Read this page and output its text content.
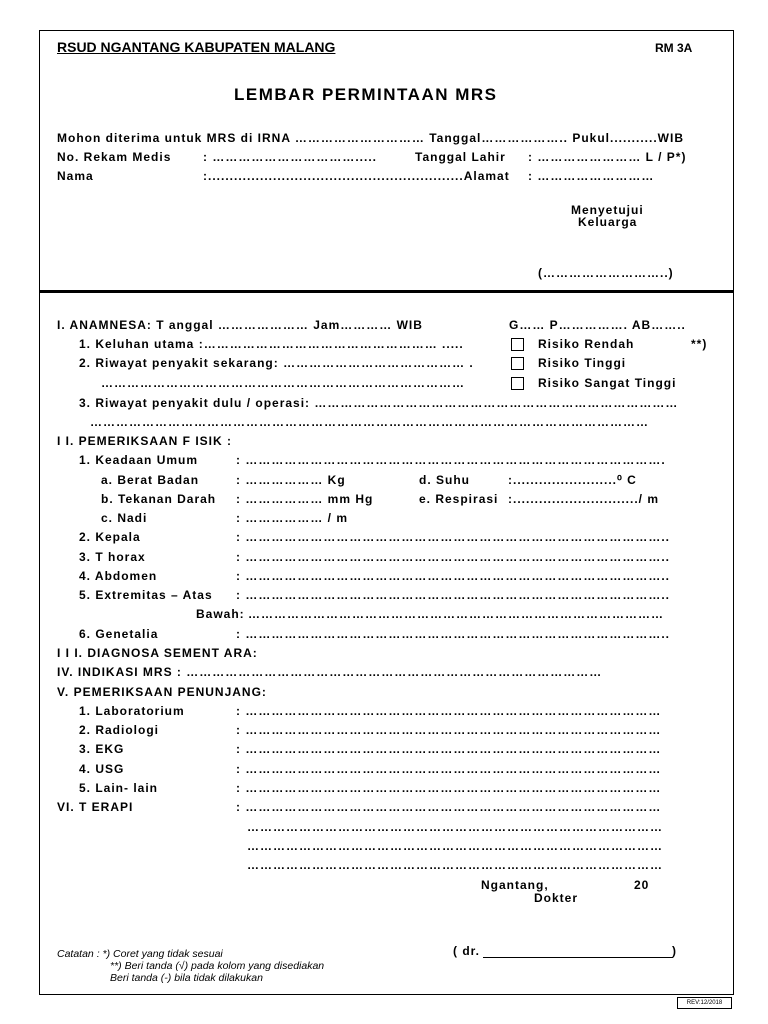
RSUD NGANTANG KABUPATEN MALANG	RM 3A
LEMBAR PERMINTAAN MRS
Mohon diterima untuk MRS di IRNA ………………………… Tanggal……………….. Pukul...........WIB
No. Rekam Medis	: …………………………….....	Tanggal Lahir : …………………… L / P*)
Nama	:...........................................................Alamat : ………………………
Menyetujui
Keluarga
(………………………..)
I. ANAMNESA: T anggal ………………… Jam………… WIB	G…… P……………. AB……..
1. Keluhan utama :……………………………………………… .....
2. Riwayat penyakit sekarang: …………………………………… .
…………………………………………………………………………
Risiko Rendah	**)
Risiko Tinggi
Risiko Sangat Tinggi
3. Riwayat penyakit dulu / operasi: …………………………………………………………………………
…………………………………………………………………………………………………………………
I I. PEMERIKSAAN F ISIK :
1. Keadaan Umum	: …………………………………………………………………………………….
a. Berat Badan	: ……………… Kg	d. Suhu	:........................⁰ C
b. Tekanan Darah : ……………… mm Hg	e. Respirasi :............................./ m
c. Nadi	: ……………… / m
2. Kepala	: ……………………………………………………………………………………..
3. T horax	: ……………………………………………………………………………………..
4. Abdomen	: ……………………………………………………………………………………..
5. Extremitas – Atas : ……………………………………………………………………………………..
Bawah: ……………………………………………………………………………………
6. Genetalia	: ……………………………………………………………………………………..
I I I. DIAGNOSA SEMENT ARA:
IV. INDIKASI MRS : ……………………………………………………………………………………
V. PEMERIKSAAN PENUNJANG:
1. Laboratorium	: ……………………………………………………………………………………
2. Radiologi	: ……………………………………………………………………………………
3. EKG	: ……………………………………………………………………………………
4. USG	: ……………………………………………………………………………………
5. Lain- lain	: ……………………………………………………………………………………
VI. T ERAPI	: ……………………………………………………………………………………
……………………………………………………………………………………
……………………………………………………………………………………
……………………………………………………………………………………
Ngantang,	20
Dokter
( dr.	)
Catatan : *) Coret yang tidak sesuai
**) Beri tanda (√) pada kolom yang disediakan
Beri tanda (-) bila tidak dilakukan
REV:12/2018
